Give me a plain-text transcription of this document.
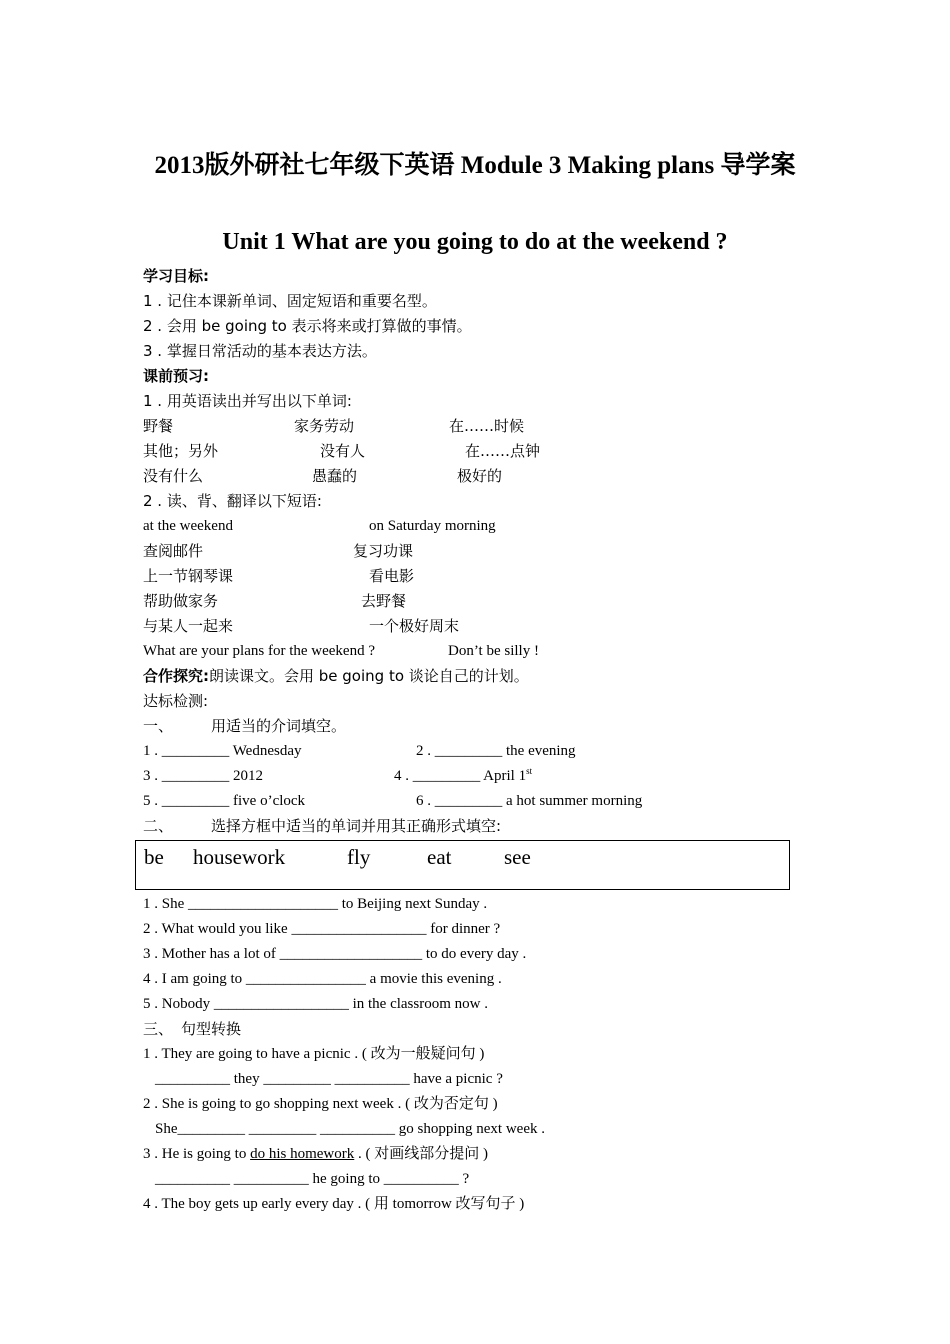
2013版外研社七年级下英语 Module 3 Making plans 导学案
Unit 1 What are you going to do at the weekend ?
学习目标:
1 . 记住本课新单词、固定短语和重要名型。
2 . 会用 be going to 表示将来或打算做的事情。
3 . 掌握日常活动的基本表达方法。
课前预习:
1 . 用英语读出并写出以下单词:
野餐	家务劳动	在……时候
其他；另外	没有人	在……点钟
没有什么	愚蠢的	极好的
2 . 读、背、翻译以下短语:
at the weekend	on Saturday morning
查阅邮件	复习功课
上一节钢琴课	看电影
帮助做家务	去野餐
与某人一起来	一个极好周末
What are your plans for the weekend ?	Don’t be silly !
合作探究:朗读课文。会用 be going to 谈论自己的计划。
达标检测:
一、	用适当的介词填空。
1 . _________ Wednesday	2 . _________ the evening
3 . _________ 2012	4 . _________ April 1st
5 . _________ five o’clock	6 . _________ a hot summer morning
二、	选择方框中适当的单词并用其正确形式填空:
be housework	fly	eat	see
1 . She ____________________ to Beijing next Sunday .
2 . What would you like __________________ for dinner ?
3 . Mother has a lot of ___________________ to do every day .
4 . I am going to ________________ a movie this evening .
5 . Nobody __________________ in the classroom now .
三、 句型转换
1 . They are going to have a picnic . ( 改为一般疑问句 )
__________ they _________ __________ have a picnic ?
2 . She is going to go shopping next week . ( 改为否定句 )
She_________ _________ __________ go shopping next week .
3 . He is going to do his homework . ( 对画线部分提问 )
__________ __________ he going to __________ ?
4 . The boy gets up early every day . ( 用 tomorrow 改写句子 )
